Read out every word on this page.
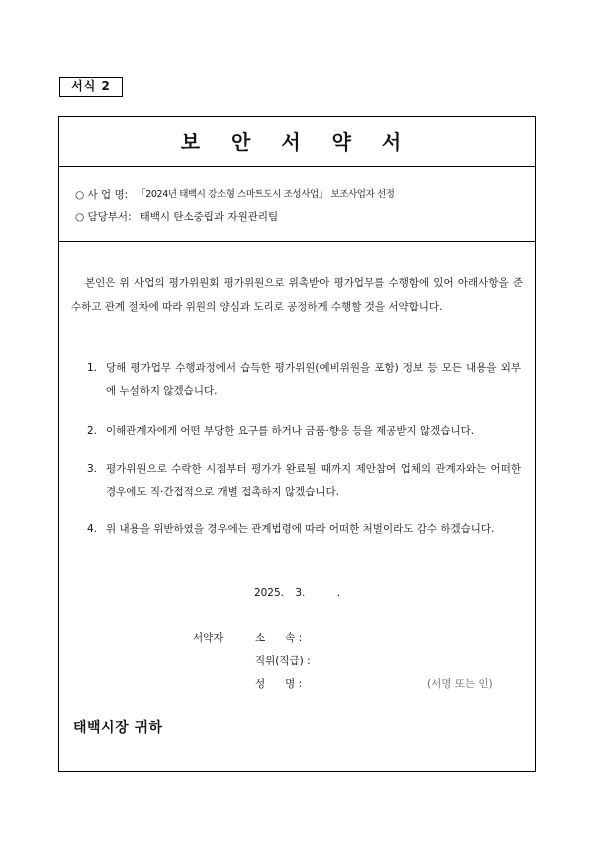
서식 2
보 안 서 약 서
○ 사 업 명: 「2024년 태백시 강소형 스마트도시 조성사업」 보조사업자 선정
○ 담당부서: 태백시 탄소중립과 자원관리팀

본인은 위 사업의 평가위원회 평가위원으로 위촉받아 평가업무를 수행함에 있어 아래사항을 준수하고 관계 절차에 따라 위원의 양심과 도리로 공정하게 수행할 것을 서약합니다.

1. 당해 평가업무 수행과정에서 습득한 평가위원(예비위원을 포함) 정보 등 모든 내용을 외부에 누설하지 않겠습니다.
2. 이해관계자에게 어떤 부당한 요구를 하거나 금품·향응 등을 제공받지 않겠습니다.
3. 평가위원으로 수락한 시점부터 평가가 완료될 때까지 제안참여 업체의 관계자와는 어떠한 경우에도 직·간접적으로 개별 접촉하지 않겠습니다.
4. 위 내용을 위반하였을 경우에는 관계법령에 따라 어떠한 처벌이라도 감수 하겠습니다.
2025. 3.	.
서약자	소      속 :
직위(직급) :
성      명 :	(서명 또는 인)
태백시장 귀하
